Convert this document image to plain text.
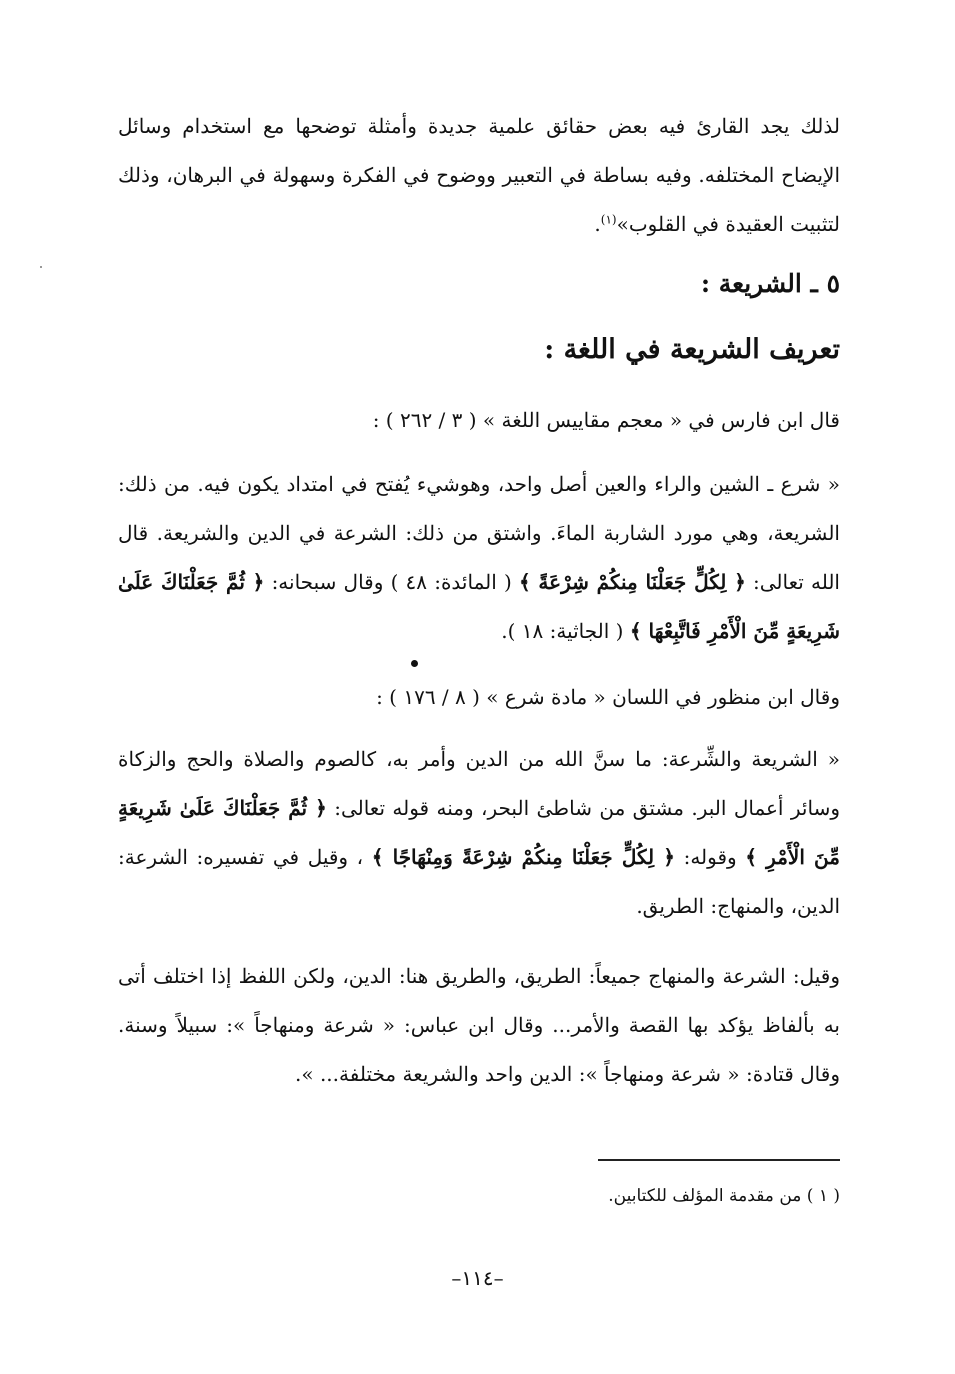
لذلك يجد القارئ فيه بعض حقائق علمية جديدة وأمثلة توضحها مع استخدام وسائل الإيضاح المختلفه. وفيه بساطة في التعبير ووضوح في الفكرة وسهولة في البرهان، وذلك لتثبيت العقيدة في القلوب»$^{(١)}$.
٥ ـ الشريعة :
تعريف الشريعة في اللغة :
قال ابن فارس في « معجم مقاييس اللغة » ( ٣ / ٢٦٢ ) :
« شرع ـ الشين والراء والعين أصل واحد، وهوشيء يُفتح في امتداد يكون فيه. من ذلك: الشريعة، وهي مورد الشاربة الماءَ. واشتق من ذلك: الشرعة في الدين والشريعة. قال الله تعالى: ﴿ لِكُلٍّ جَعَلْنَا مِنكُمْ شِرْعَةً ﴾ ( المائدة: ٤٨ ) وقال سبحانه: ﴿ ثُمَّ جَعَلْنَاكَ عَلَىٰ شَرِيعَةٍ مِّنَ الْأَمْرِ فَاتَّبِعْهَا ﴾ ( الجاثية: ١٨ ).
وقال ابن منظور في اللسان « مادة شرع » ( ٨ / ١٧٦ ) :
« الشريعة والشِّرعة: ما سنَّ الله من الدين وأمر به، كالصوم والصلاة والحج والزكاة وسائر أعمال البر. مشتق من شاطئ البحر، ومنه قوله تعالى: ﴿ ثُمَّ جَعَلْنَاكَ عَلَىٰ شَرِيعَةٍ مِّنَ الْأَمْرِ ﴾ وقوله: ﴿ لِكُلٍّ جَعَلْنَا مِنكُمْ شِرْعَةً وَمِنْهَاجًا ﴾ ، وقيل في تفسيره: الشرعة: الدين، والمنهاج: الطريق.
وقيل: الشرعة والمنهاج جميعاً: الطريق، والطريق هنا: الدين، ولكن اللفظ إذا اختلف أتى به بألفاظ يؤكد بها القصة والأمر... وقال ابن عباس: « شرعة ومنهاجاً »: سبيلاً وسنة. وقال قتادة: « شرعة ومنهاجاً »: الدين واحد والشريعة مختلفة... ».
( ١ ) من مقدمة المؤلف للكتابين.
–١١٤–
